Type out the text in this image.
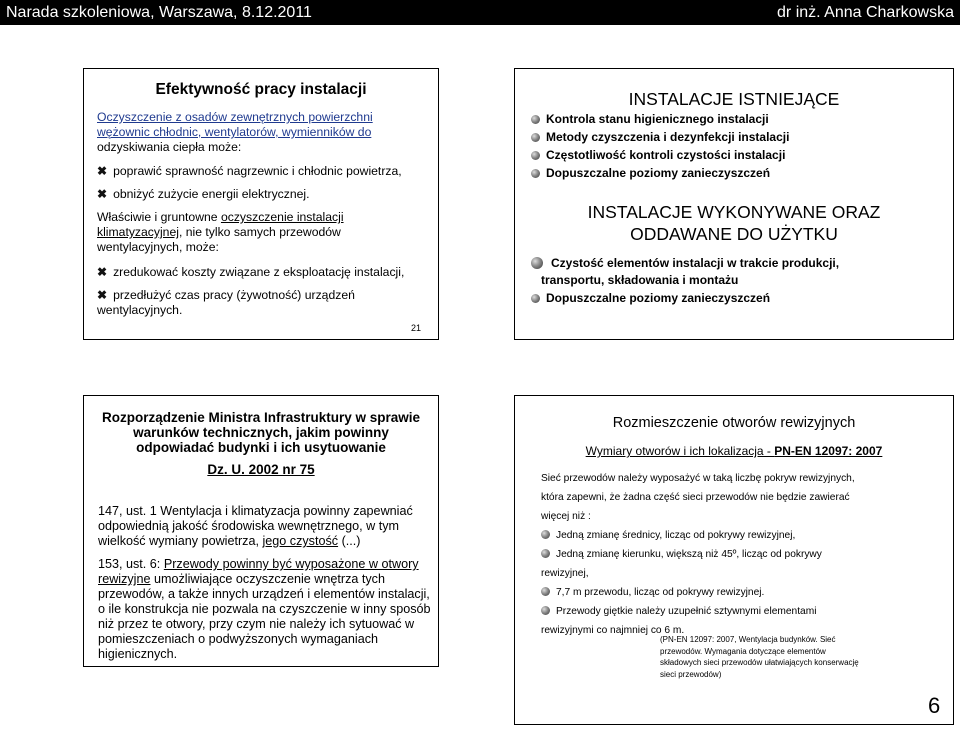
Narada szkoleniowa, Warszawa, 8.12.2011	dr inż. Anna Charkowska
Efektywność pracy instalacji
Oczyszczenie z osadów zewnętrznych powierzchni
wężownic chłodnic, wentylatorów, wymienników do
odzyskiwania ciepła może:
✖ poprawić sprawność nagrzewnic i chłodnic powietrza,
✖ obniżyć zużycie energii elektrycznej.
Właściwie i gruntowne oczyszczenie instalacji
klimatyzacyjnej, nie tylko samych przewodów
wentylacyjnych, może:
✖ zredukować koszty związane z eksploatację instalacji,
✖ przedłużyć czas pracy (żywotność) urządzeń
wentylacyjnych.
21
INSTALACJE ISTNIEJĄCE
Kontrola stanu higienicznego instalacji
Metody czyszczenia i dezynfekcji instalacji
Częstotliwość kontroli czystości instalacji
Dopuszczalne poziomy zanieczyszczeń
INSTALACJE WYKONYWANE ORAZ
ODDAWANE DO UŻYTKU
Czystość elementów instalacji w trakcie produkcji,
transportu, składowania i montażu
Dopuszczalne poziomy zanieczyszczeń
Rozporządzenie Ministra Infrastruktury w sprawie
warunków technicznych, jakim powinny
odpowiadać budynki i ich usytuowanie
Dz. U. 2002 nr 75
147, ust. 1 Wentylacja i klimatyzacja powinny zapewniać
odpowiednią jakość środowiska wewnętrznego, w tym
wielkość wymiany powietrza, jego czystość (...)
153, ust. 6: Przewody powinny być wyposażone w otwory
rewizyjne umożliwiające oczyszczenie wnętrza tych
przewodów, a także innych urządzeń i elementów instalacji,
o ile konstrukcja nie pozwala na czyszczenie w inny sposób
niż przez te otwory, przy czym nie należy ich sytuować w
pomieszczeniach o podwyższonych wymaganiach
higienicznych.
Rozmieszczenie otworów rewizyjnych
Wymiary otworów i ich lokalizacja - PN-EN 12097: 2007
Sieć przewodów należy wyposażyć w taką liczbę pokryw rewizyjnych,
która zapewni, że żadna część sieci przewodów nie będzie zawierać
więcej niż :
Jedną zmianę średnicy, licząc od pokrywy rewizyjnej,
Jedną zmianę kierunku, większą niż 45º, licząc od pokrywy
rewizyjnej,
7,7 m przewodu, licząc od pokrywy rewizyjnej.
Przewody giętkie należy uzupełnić sztywnymi elementami
rewizyjnymi co najmniej co 6 m.
(PN-EN 12097: 2007, Wentylacja budynków. Sieć
przewodów. Wymagania dotyczące elementów
składowych sieci przewodów ułatwiających konserwację
sieci przewodów)
6
